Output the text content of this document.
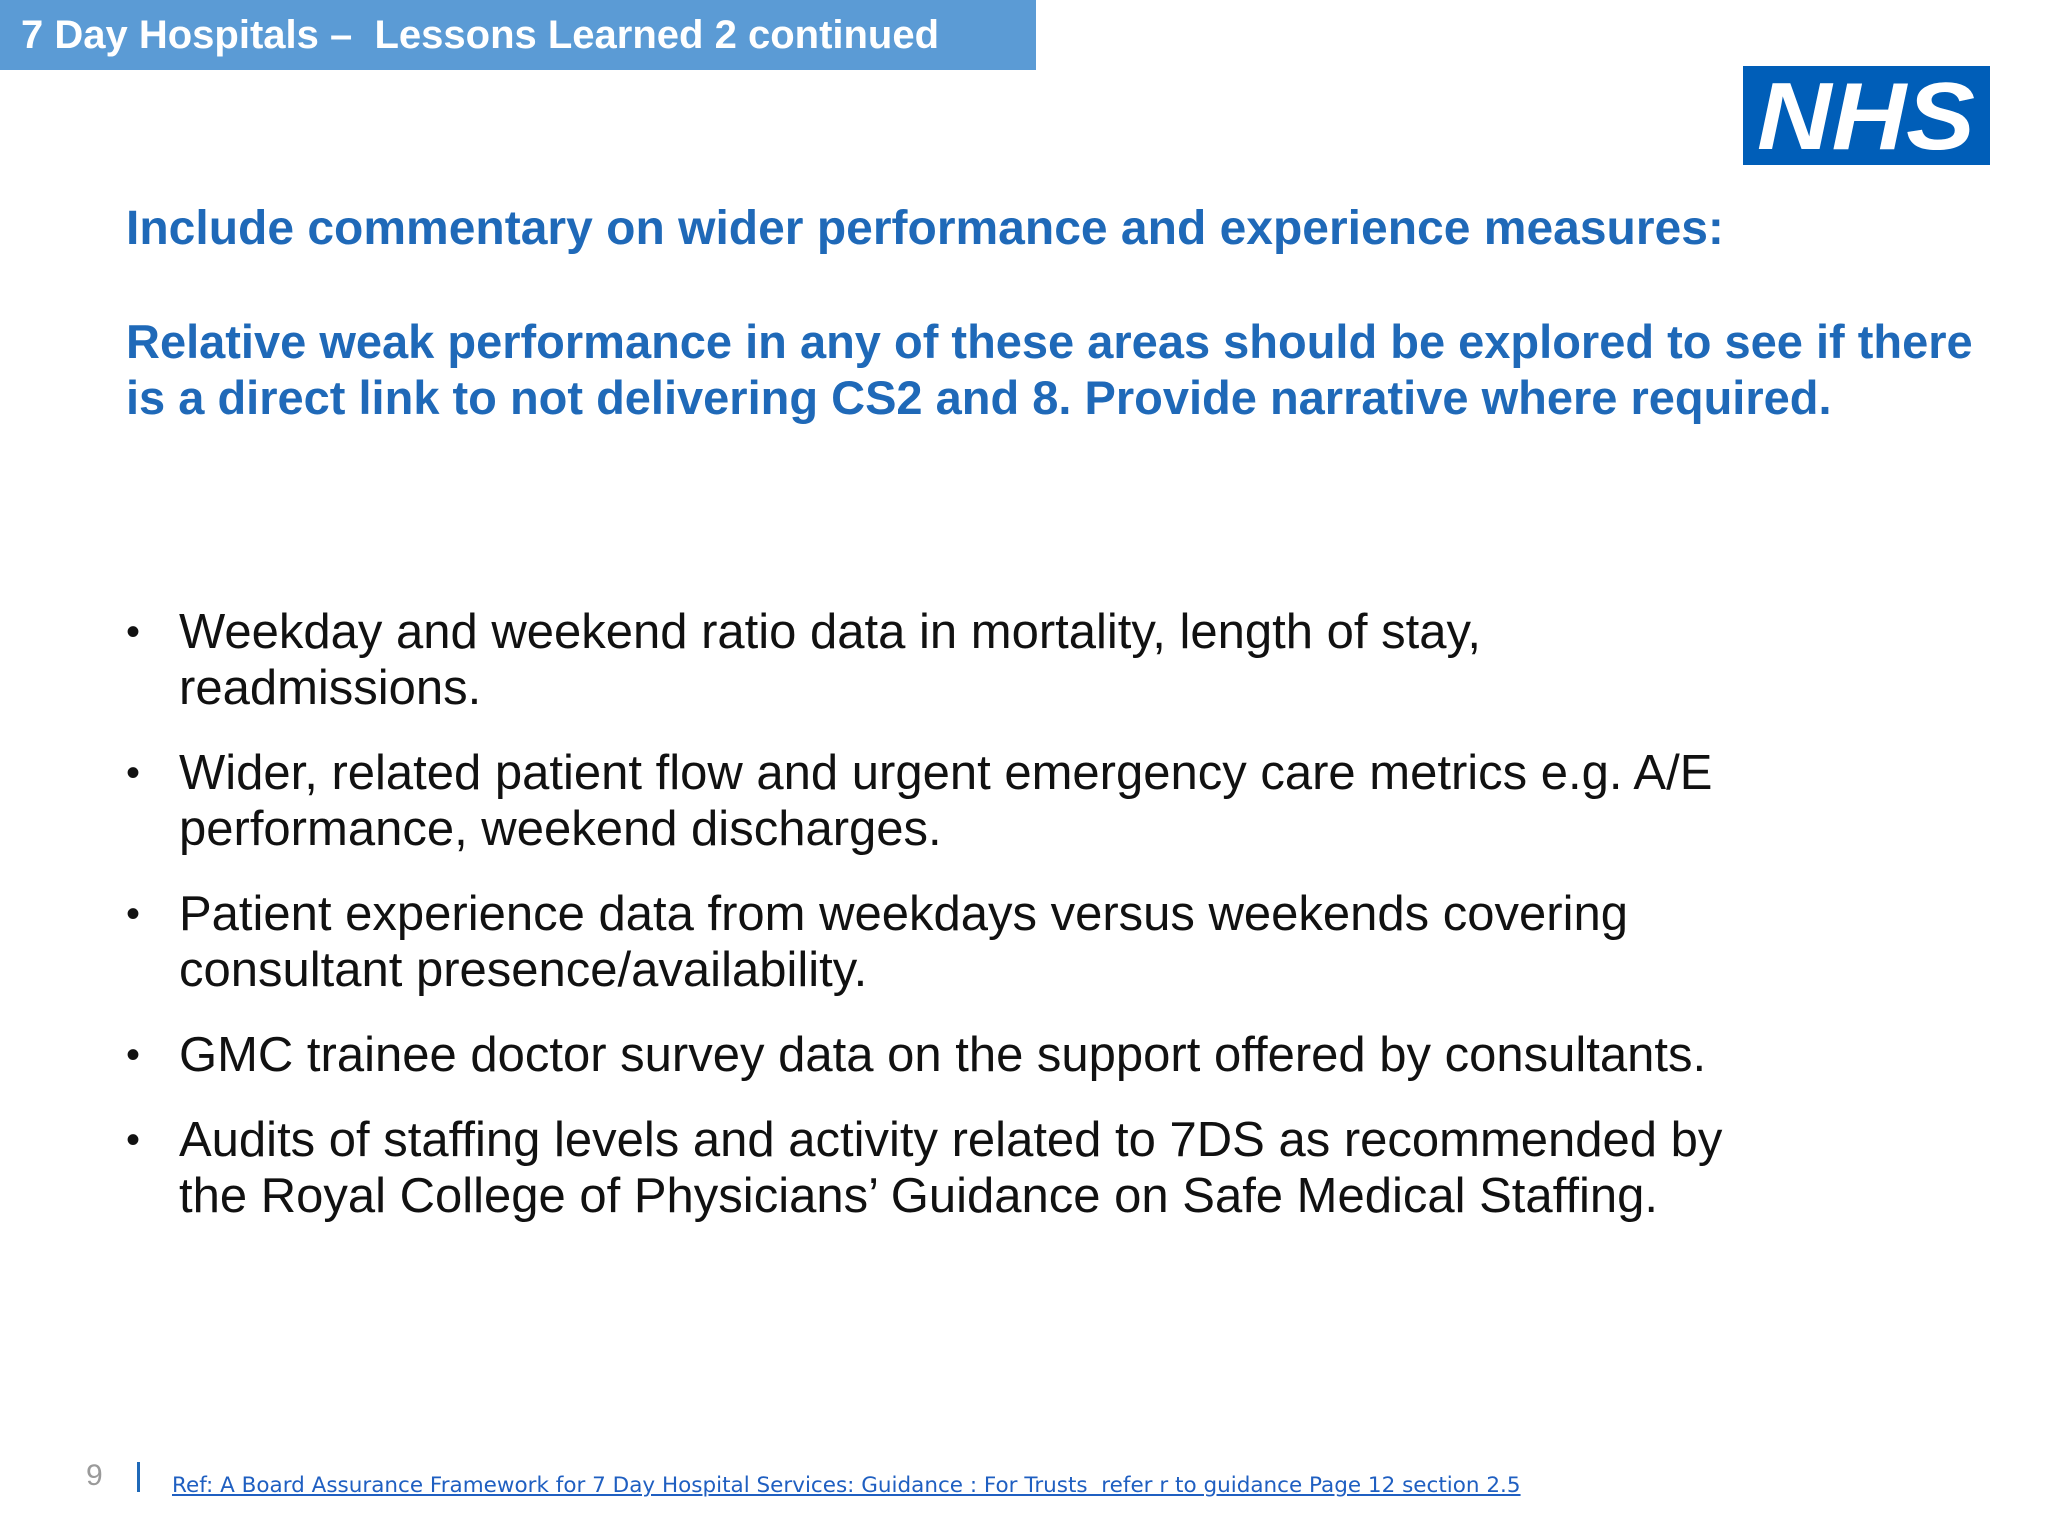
7 Day Hospitals –  Lessons Learned 2 continued
NHS

Include commentary on wider performance and experience measures:

Relative weak performance in any of these areas should be explored to see if there is a direct link to not delivering CS2 and 8. Provide narrative where required.

• Weekday and weekend ratio data in mortality, length of stay,
readmissions.
• Wider, related patient flow and urgent emergency care metrics e.g. A/E
performance, weekend discharges.
• Patient experience data from weekdays versus weekends covering
consultant presence/availability.
• GMC trainee doctor survey data on the support offered by consultants.
• Audits of staffing levels and activity related to 7DS as recommended by
the Royal College of Physicians’ Guidance on Safe Medical Staffing.
9	Ref: A Board Assurance Framework for 7 Day Hospital Services: Guidance : For Trusts  refer r to guidance Page 12 section 2.5
